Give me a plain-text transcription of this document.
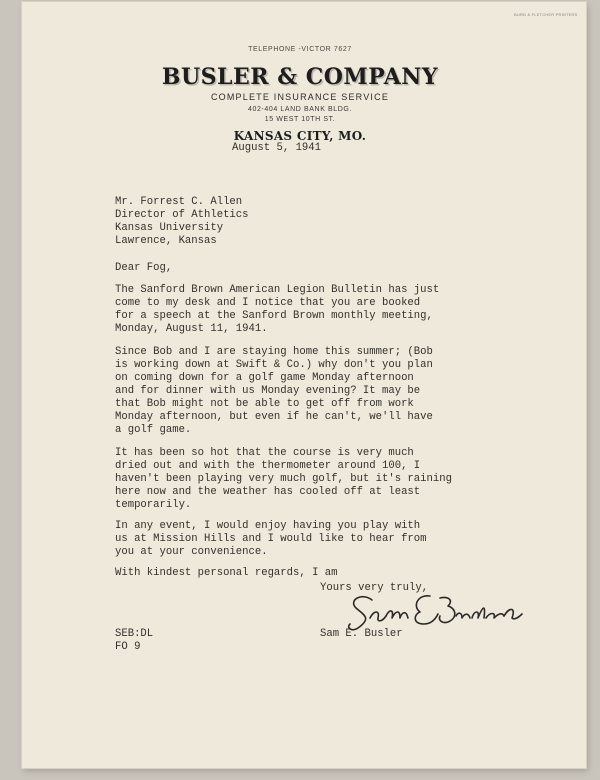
BURD & FLETCHER PRINTERS
TELEPHONE -VICTOR 7627
BUSLER & COMPANY
COMPLETE INSURANCE SERVICE
402-404 LAND BANK BLDG.
15 WEST 10TH ST.
KANSAS CITY, MO.
August 5, 1941
Mr. Forrest C. Allen
Director of Athletics
Kansas University
Lawrence, Kansas
Dear Fog,
The Sanford Brown American Legion Bulletin has just
come to my desk and I notice that you are booked
for a speech at the Sanford Brown monthly meeting,
Monday, August 11, 1941.
Since Bob and I are staying home this summer; (Bob
is working down at Swift & Co.) why don't you plan
on coming down for a golf game Monday afternoon
and for dinner with us Monday evening? It may be
that Bob might not be able to get off from work
Monday afternoon, but even if he can't, we'll have
a golf game.
It has been so hot that the course is very much
dried out and with the thermometer around 100, I
haven't been playing very much golf, but it's raining
here now and the weather has cooled off at least
temporarily.
In any event, I would enjoy having you play with
us at Mission Hills and I would like to hear from
you at your convenience.
With kindest personal regards, I am
Yours very truly,
SEB:DL
FO 9
Sam E. Busler
